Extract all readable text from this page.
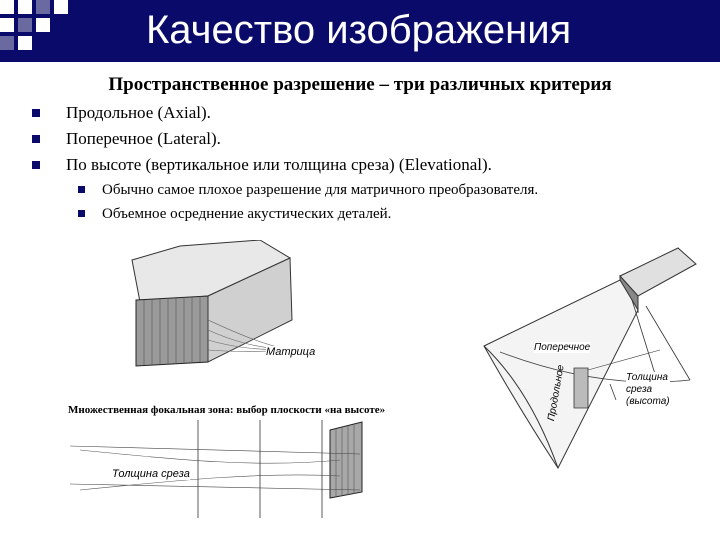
Качество изображения
Пространственное разрешение – три различных критерия
Продольное (Axial).
Поперечное (Lateral).
По высоте (вертикальное или толщина среза) (Elevational).
Обычно самое плохое разрешение для матричного преобразователя.
Объемное осреднение акустических деталей.
Матрица
Множественная фокальная зона: выбор плоскости «на высоте»
Толщина среза
Поперечное
Толщина
среза
(высота)
Продольное
